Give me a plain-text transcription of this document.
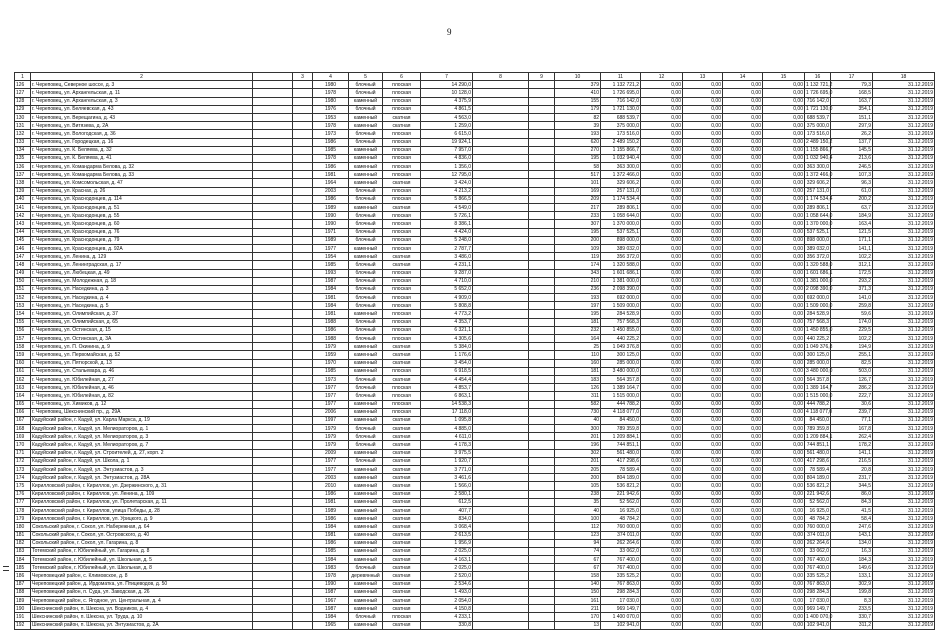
9
1	2		3	4	5	6	7	8	9	10	11	12	13	14	15	16	17	18
126	г. Череповец, Северное шоссе, д. 3			1980	блочный	плоская	14 290,0			379	1 132 721,2	0,00	0,00	0,00	0,00	1 132 721,2	79,3	31.12.2019
127	г. Череповец, ул. Архангельская, д. 11			1978	блочный	плоская	10 128,0			410	1 726 695,0	0,00	0,00	0,00	0,00	1 726 695,0	168,5	31.12.2019
128	г. Череповец, ул. Архангельская, д. 3			1980	каменный	плоская	4 375,9			155	716 142,0	0,00	0,00	0,00	0,00	716 142,0	163,7	31.12.2019
129	г. Череповец, ул. Беляевская, д. 43			1976	блочный	плоская	4 861,5			179	1 721 130,0	0,00	0,00	0,00	0,00	1 721 130,0	354,1	31.12.2019
130	г. Череповец, ул. Верещагина, д. 43			1953	каменный	скатная	4 563,0			82	688 539,7	0,00	0,00	0,00	0,00	688 539,7	151,1	31.12.2019
131	г. Череповец, ул. Витязева, д. 2А			1978	каменный	скатная	1 259,0			39	375 000,0	0,00	0,00	0,00	0,00	375 000,0	297,9	31.12.2019
132	г. Череповец, ул. Вологодская, д. 36			1973	блочный	плоская	6 615,0			193	173 516,0	0,00	0,00	0,00	0,00	173 516,0	26,2	31.12.2019
133	г. Череповец, ул. Городецкая, д. 16			1986	блочный	плоская	19 924,1			620	2 489 150,2	0,00	0,00	0,00	0,00	2 489 150,2	137,7	31.12.2019
134	г. Череповец, ул. К. Беляева, д. 32			1985	каменный	плоская	7 957,0			270	1 155 866,7	0,00	0,00	0,00	0,00	1 155 866,7	145,5	31.12.2019
135	г. Череповец, ул. К. Беляева, д. 41			1978	каменный	плоская	4 836,0			195	1 032 940,4	0,00	0,00	0,00	0,00	1 032 940,4	213,6	31.12.2019
136	г. Череповец, ул. Командарма Белова, д. 32			1986	каменный	плоская	1 356,0			58	363 300,0	0,00	0,00	0,00	0,00	363 300,0	246,5	31.12.2019
137	г. Череповец, ул. Командарма Белова, д. 33			1981	каменный	плоская	12 795,0			517	1 372 466,0	0,00	0,00	0,00	0,00	1 372 466,0	107,3	31.12.2019
138	г. Череповец, ул. Комсомольская, д. 47			1964	каменный	скатная	3 424,0			101	329 606,2	0,00	0,00	0,00	0,00	329 606,2	96,3	31.12.2019
139	г. Череповец, ул. Краснах, д. 26			2003	блочный	плоская	4 213,2			169	257 131,0	0,00	0,00	0,00	0,00	257 131,0	61,0	31.12.2019
140	г. Череповец, ул. Краснодонцев, д. 114			1986	блочный	плоская	5 866,5			209	1 174 534,4	0,00	0,00	0,00	0,00	1 174 534,4	200,2	31.12.2019
141	г. Череповец, ул. Краснодонцев, д. 51			1989	каменный	скатная	4 549,0			217	289 806,1	0,00	0,00	0,00	0,00	289 806,1	63,7	31.12.2019
142	г. Череповец, ул. Краснодонцев, д. 55			1990	блочный	плоская	5 726,1			233	1 058 644,0	0,00	0,00	0,00	0,00	1 058 644,0	184,9	31.12.2019
143	г. Череповец, ул. Краснодонцев, д. 60			1990	блочный	плоская	8 386,1			307	1 370 000,0	0,00	0,00	0,00	0,00	1 370 000,0	163,4	31.12.2019
144	г. Череповец, ул. Краснодонцев, д. 76			1971	блочный	плоская	4 424,0			195	537 525,1	0,00	0,00	0,00	0,00	537 525,1	121,5	31.12.2019
145	г. Череповец, ул. Краснодонцев, д. 79			1989	блочный	плоская	5 248,0			200	898 000,0	0,00	0,00	0,00	0,00	898 000,0	171,1	31.12.2019
146	г. Череповец, ул. Краснодонцев, д. 92А			1977	каменный	плоская	2 787,7			109	389 032,0	0,00	0,00	0,00	0,00	389 032,0	141,1	31.12.2019
147	г. Череповец, ул. Ленина, д. 129			1954	каменный	скатная	3 486,0			119	356 372,0	0,00	0,00	0,00	0,00	356 372,0	102,2	31.12.2019
148	г. Череповец, ул. Ленинградская, д. 17			1985	блочный	скатная	4 231,1			174	1 320 588,0	0,00	0,00	0,00	0,00	1 320 588,0	312,1	31.12.2019
149	г. Череповец, ул. Любецкая, д. 49			1993	блочный	плоская	9 287,0			343	1 601 686,1	0,00	0,00	0,00	0,00	1 601 686,1	172,5	31.12.2019
150	г. Череповец, ул. Молодежная, д. 18			1987	блочный	плоская	4 710,0			210	1 381 000,0	0,00	0,00	0,00	0,00	1 381 000,0	293,2	31.12.2019
151	г. Череповец, ул. Наседкина, д. 3			1984	блочный	плоская	5 652,0			236	2 098 390,0	0,00	0,00	0,00	0,00	2 098 390,0	371,3	31.12.2019
152	г. Череповец, ул. Наседкина, д. 4			1981	блочный	плоская	4 909,0			193	692 000,0	0,00	0,00	0,00	0,00	692 000,0	141,0	31.12.2019
153	г. Череповец, ул. Наседкина, д. 5			1984	блочный	плоская	5 808,8			197	1 509 000,0	0,00	0,00	0,00	0,00	1 509 000,0	259,8	31.12.2019
154	г. Череповец, ул. Олимпийская, д. 37			1981	каменный	плоская	4 773,2			195	284 528,9	0,00	0,00	0,00	0,00	284 528,9	59,6	31.12.2019
155	г. Череповец, ул. Олимпийская, д. 65			1988	блочный	плоская	4 353,7			181	757 568,3	0,00	0,00	0,00	0,00	757 568,3	174,0	31.12.2019
156	г. Череповец, ул. Остинская, д. 15			1986	блочный	плоская	6 321,1			232	1 450 855,0	0,00	0,00	0,00	0,00	1 450 855,0	229,5	31.12.2019
157	г. Череповец, ул. Остинская, д. 3А			1988	блочный	плоская	4 305,6			164	440 225,2	0,00	0,00	0,00	0,00	440 225,2	102,2	31.12.2019
158	г. Череповец, ул. П. Окинина, д. 9			1979	каменный	скатная	5 384,0			25	1 049 376,8	0,00	0,00	0,00	0,00	1 049 376,8	194,9	31.12.2019
159	г. Череповец, ул. Первомайская, д. 52			1959	каменный	скатная	1 176,6			110	300 125,0	0,00	0,00	0,00	0,00	300 125,0	255,1	31.12.2019
160	г. Череповец, ул. Пятюрской, д. 13			1970	каменный	скатная	3 454,0			160	285 000,0	0,00	0,00	0,00	0,00	285 000,0	82,5	31.12.2019
161	г. Череповец, ул. Стальевара, д. 46			1985	каменный	плоская	6 918,5			181	3 480 000,0	0,00	0,00	0,00	0,00	3 480 000,0	503,0	31.12.2019
162	г. Череповец, ул. Юбилейная, д. 27			1973	блочный	скатная	4 454,4			183	564 357,8	0,00	0,00	0,00	0,00	564 357,8	126,7	31.12.2019
163	г. Череповец, ул. Юбилейная, д. 46			1977	блочный	плоская	4 853,7			126	1 389 164,7	0,00	0,00	0,00	0,00	1 389 164,7	286,2	31.12.2019
164	г. Череповец, ул. Юбилейная, д. 82			1977	блочный	плоская	6 863,1			311	1 515 000,0	0,00	0,00	0,00	0,00	1 515 000,0	222,7	31.12.2019
165	г. Череповец, ул. Химиков, д. 12			1977	каменный	плоская	14 538,3			582	444 788,2	0,00	0,00	0,00	0,00	444 788,2	30,6	31.12.2019
166	г. Череповец, Шекснинский пр., д. 29А			2006	каменный	плоская	17 118,0			730	4 118 077,0	0,00	0,00	0,00	0,00	4 118 077,0	239,7	31.12.2019
167	Кадуйский район, г. Кадуй, ул. Карла Маркса, д. 19			1997	каменный	скатная	1 095,8			40	84 450,0	0,00	0,00	0,00	0,00	84 450,0	77,1	31.12.2019
168	Кадуйский район, г. Кадуй, ул. Мелиораторов, д. 1			1979	блочный	скатная	4 885,0			300	789 359,8	0,00	0,00	0,00	0,00	789 359,8	167,8	31.12.2019
169	Кадуйский район, г. Кадуй, ул. Мелиораторов, д. 3			1979	блочный	скатная	4 611,0			201	1 209 884,1	0,00	0,00	0,00	0,00	1 209 884,1	262,4	31.12.2019
170	Кадуйский район, г. Кадуй, ул. Мелиораторов, д. 7			1979	блочный	скатная	4 178,3			196	744 851,1	0,00	0,00	0,00	0,00	744 851,1	178,2	31.12.2019
171	Кадуйский район, г. Кадуй, ул. Строителей, д. 27, корп. 2			2009	каменный	скатная	3 975,5			302	561 480,0	0,00	0,00	0,00	0,00	561 480,0	141,1	31.12.2019
172	Кадуйский район, г. Кадуй, ул. Школа, д. 1			1977	блочный	скатная	1 920,7			201	417 298,6	0,00	0,00	0,00	0,00	417 298,6	216,5	31.12.2019
173	Кадуйский район, г. Кадуй, ул. Энтузиастов, д. 3			1977	каменный	скатная	3 771,0			205	78 589,4	0,00	0,00	0,00	0,00	78 589,4	20,8	31.12.2019
174	Кадуйский район, г. Кадуй, ул. Энтузиастов, д. 28А			2003	каменный	скатная	3 461,6			200	804 189,0	0,00	0,00	0,00	0,00	804 189,0	231,7	31.12.2019
175	Кирилловский район, г. Кириллов, ул. Дзержинского, д. 31			2010	каменный	скатная	1 566,0			105	536 821,2	0,00	0,00	0,00	0,00	536 821,2	344,5	31.12.2019
176	Кирилловский район, г. Кириллов, ул. Ленина, д. 109			1986	каменный	скатная	2 580,1			238	221 942,6	0,00	0,00	0,00	0,00	221 942,6	86,0	31.12.2019
177	Кирилловский район, г. Кириллов, ул. Пролетарская, д. 11			1981	каменный	скатная	612,5			35	52 562,0	0,00	0,00	0,00	0,00	52 562,0	84,3	31.12.2019
178	Кирилловский район, г. Кириллов, улица Победы, д. 28			1989	каменный	скатная	407,7			40	16 925,0	0,00	0,00	0,00	0,00	16 925,0	41,5	31.12.2019
179	Кирилловский район, г. Кириллов, ул. Урицкого, д. 9			1986	каменный	скатная	834,0			100	48 784,2	0,00	0,00	0,00	0,00	48 784,2	58,4	31.12.2019
180	Сокольский район, г. Сокол, ул. Набережная, д. 64			1984	каменный	скатная	3 068,4			112	760 000,0	0,00	0,00	0,00	0,00	760 000,0	247,6	31.12.2019
181	Сокольский район, г. Сокол, ул. Островского, д. 40			1981	каменный	скатная	2 613,5			123	374 011,0	0,00	0,00	0,00	0,00	374 011,0	143,1	31.12.2019
182	Сокольский район, г. Сокол, ул. Гагарина, д. 8			1986	каменный	скатная	1 956,9			94	262 264,6	0,00	0,00	0,00	0,00	262 264,6	134,0	31.12.2019
183	Тотемский район, г. Юбилейный, ул. Гагарина, д. 8			1985	каменный	скатная	2 025,0			74	33 062,0	0,00	0,00	0,00	0,00	33 062,0	16,3	31.12.2019
184	Тотемский район, г. Юбилейный, ул. Школьная, д. 5			1984	каменный	скатная	4 163,1			67	767 400,0	0,00	0,00	0,00	0,00	767 400,0	184,3	31.12.2019
185	Тотемский район, г. Юбилейный, ул. Школьная, д. 8			1983	блочный	скатная	2 025,0			67	767 400,0	0,00	0,00	0,00	0,00	767 400,0	149,6	31.12.2019
186	Череповецкий район, с. Климовское, д. 8			1978	деревянный	скатная	2 520,0			158	335 525,2	0,00	0,00	0,00	0,00	335 525,2	133,1	31.12.2019
187	Череповецкий район, д. Ирдоматка, ул. Птицеводов, д. 50			1990	каменный	скатная	2 534,6			140	767 863,0	0,00	0,00	0,00	0,00	767 863,0	302,9	31.12.2019
188	Череповецкий район, п. Суда, ул. Заводская, д. 26			1987	каменный	скатная	1 493,0			150	298 284,3	0,00	0,00	0,00	0,00	298 284,3	199,8	31.12.2019
189	Череповецкий район, с. Ягодное, ул. Центральная, д. 4			1967	каменный	скатная	2 054,0			161	17 030,0	0,00	0,00	0,00	0,00	17 030,0	8,3	31.12.2019
190	Шекснинский район, п. Шексна, ул. Водников, д. 4			1987	каменный	скатная	4 150,8			211	969 149,7	0,00	0,00	0,00	0,00	969 149,7	233,5	31.12.2019
191	Шекснинский район, п. Шексна, ул. Труда, д. 10			1984	блочный	плоская	4 233,1			170	1 400 070,0	0,00	0,00	0,00	0,00	1 400 070,0	330,7	31.12.2019
192	Шекснинский район, п. Шексна, ул. Энтузиастов, д. 2А			1965	каменный	скатная	330,8			13	102 941,0	0,00	0,00	0,00	0,00	102 941,0	311,2	31.12.2019
